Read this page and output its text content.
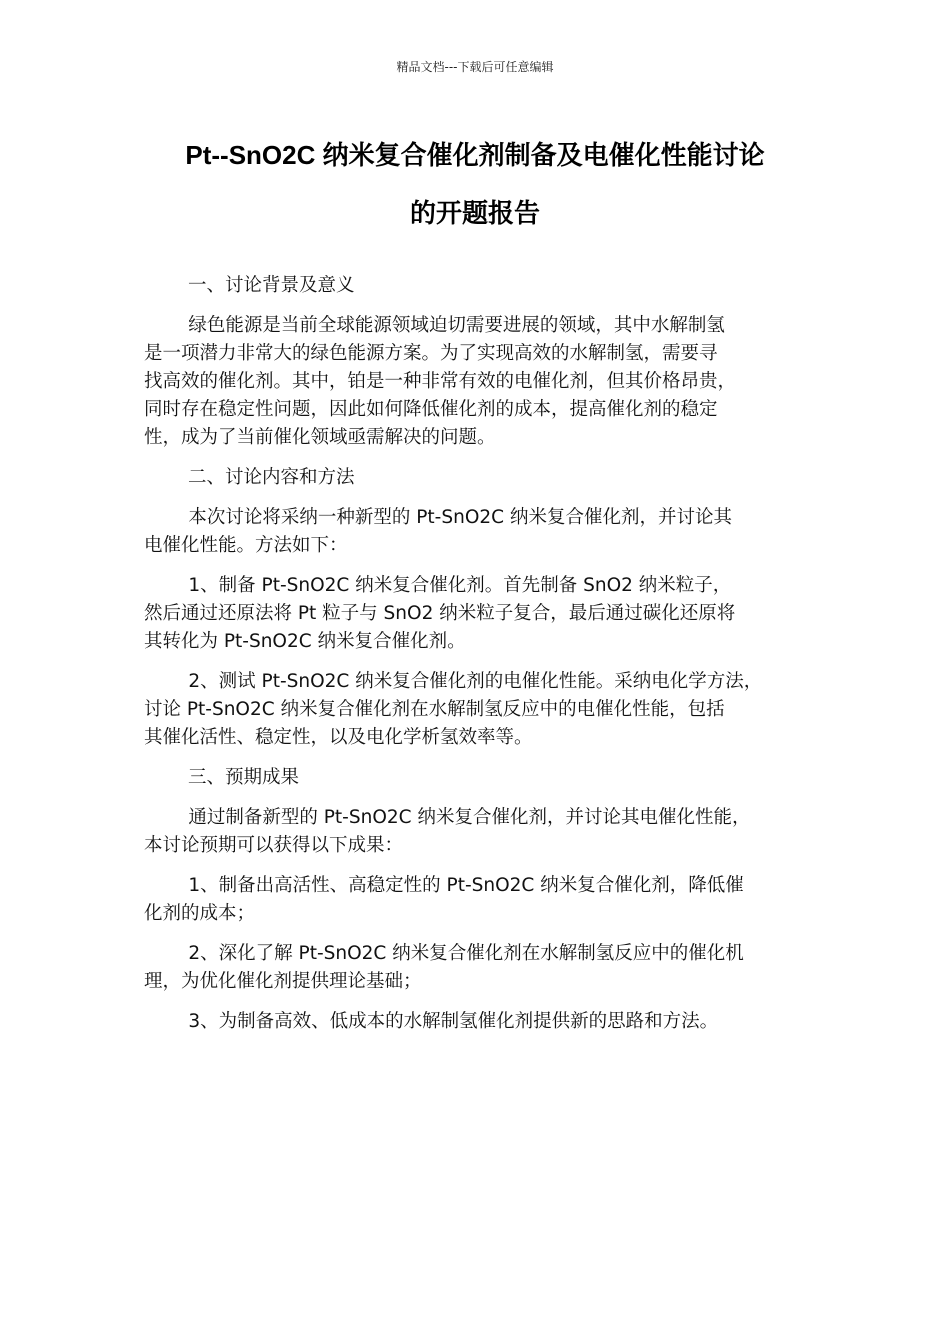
精品文档---下载后可任意编辑
Pt--SnO2C 纳米复合催化剂制备及电催化性能讨论
的开题报告
一、讨论背景及意义
绿色能源是当前全球能源领域迫切需要进展的领域，其中水解制氢
是一项潜力非常大的绿色能源方案。为了实现高效的水解制氢，需要寻
找高效的催化剂。其中，铂是一种非常有效的电催化剂，但其价格昂贵，
同时存在稳定性问题，因此如何降低催化剂的成本，提高催化剂的稳定
性，成为了当前催化领域亟需解决的问题。
二、讨论内容和方法
本次讨论将采纳一种新型的 Pt-SnO2C 纳米复合催化剂，并讨论其
电催化性能。方法如下：
1、制备 Pt-SnO2C 纳米复合催化剂。首先制备 SnO2 纳米粒子，
然后通过还原法将 Pt 粒子与 SnO2 纳米粒子复合，最后通过碳化还原将
其转化为 Pt-SnO2C 纳米复合催化剂。
2、测试 Pt-SnO2C 纳米复合催化剂的电催化性能。采纳电化学方法，
讨论 Pt-SnO2C 纳米复合催化剂在水解制氢反应中的电催化性能，包括
其催化活性、稳定性，以及电化学析氢效率等。
三、预期成果
通过制备新型的 Pt-SnO2C 纳米复合催化剂，并讨论其电催化性能，
本讨论预期可以获得以下成果：
1、制备出高活性、高稳定性的 Pt-SnO2C 纳米复合催化剂，降低催
化剂的成本；
2、深化了解 Pt-SnO2C 纳米复合催化剂在水解制氢反应中的催化机
理，为优化催化剂提供理论基础；
3、为制备高效、低成本的水解制氢催化剂提供新的思路和方法。
